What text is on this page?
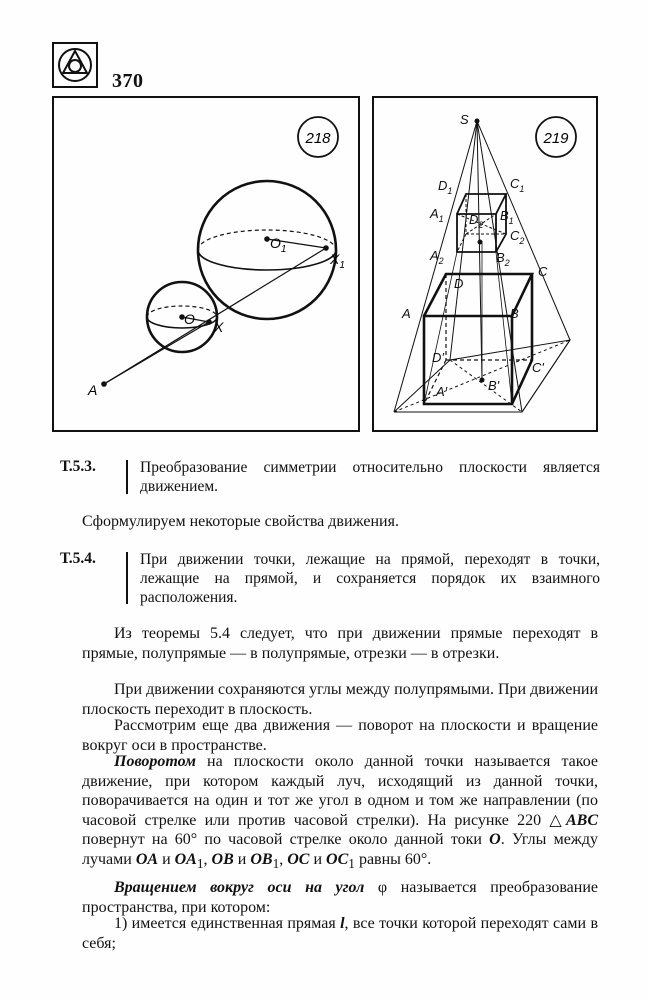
370
218
$O_1$
$X_1$
O X
A
219
S
$D_1$	$C_1$
$A_1$ $D_2$
$B_1$
$C_2$
$A_2$	$B_2$
C
D
A	B
D'
A'	B'
C'
Т.5.3.	Преобразование симметрии относительно плоскости является движением.
Сформулируем некоторые свойства движения.
Т.5.4.	При движении точки, лежащие на прямой, переходят в точки, лежащие на прямой, и сохраняется порядок их взаимного расположения.
Из теоремы 5.4 следует, что при движении прямые переходят в прямые, полупрямые — в полупрямые, отрезки — в отрезки.
При движении сохраняются углы между полупрямыми. При движении плоскость переходит в плоскость.
Рассмотрим еще два движения — поворот на плоскости и вращение вокруг оси в пространстве.
Поворотом на плоскости около данной точки называется такое движение, при котором каждый луч, исходящий из данной точки, поворачивается на один и тот же угол в одном и том же направлении (по часовой стрелке или против часовой стрелки). На рисунке 220 △ABC повернут на 60° по часовой стрелке около данной токи O. Углы между лучами OA и $OA_1$, OB и $OB_1$, OC и $OC_1$ равны 60°.
Вращением вокруг оси на угол φ называется преобразование пространства, при котором:
1) имеется единственная прямая l, все точки которой переходят сами в себя;
